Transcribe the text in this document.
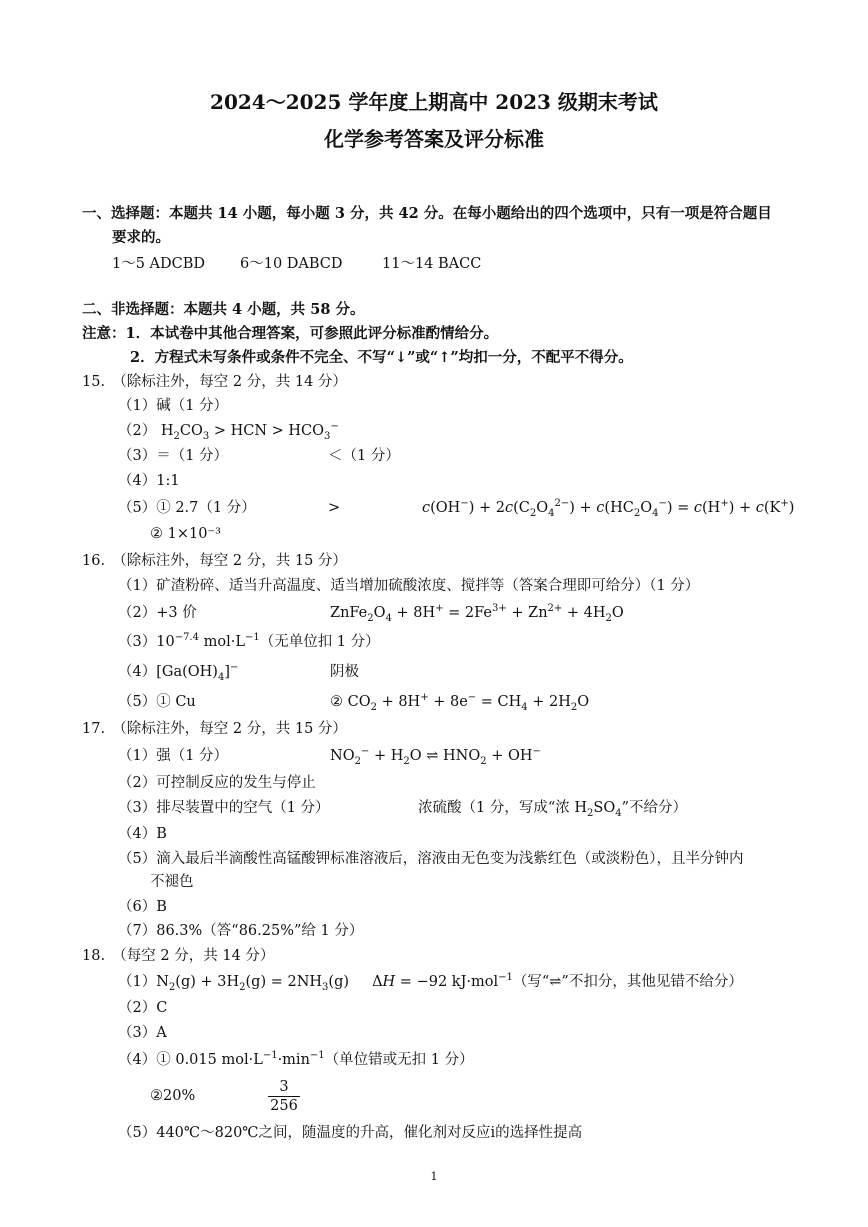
2024～2025 学年度上期高中 2023 级期末考试
化学参考答案及评分标准
一、选择题：本题共 14 小题，每小题 3 分，共 42 分。在每小题给出的四个选项中，只有一项是符合题目
要求的。
1～5 ADCBD 6～10 DABCD	11～14 BACC
二、非选择题：本题共 4 小题，共 58 分。
注意：1．本试卷中其他合理答案，可参照此评分标准酌情给分。
2．方程式未写条件或条件不完全、不写“↓”或“↑”均扣一分，不配平不得分。
15.　（除标注外，每空 2 分，共 14 分）
（1）碱（1 分）
（2） $H_2CO_3$ > HCN > $HCO_3^-$
（3）＝（1 分）	＜（1 分）
（4）1:1
（5）① 2.7（1 分）	>	$c(OH^-) + 2c(C_2O_4^{2-}) + c(HC_2O_4^-) = c(H^+) + c(K^+)$
② 1×10⁻³
16.　（除标注外，每空 2 分，共 15 分）
（1）矿渣粉碎、适当升高温度、适当增加硫酸浓度、搅拌等（答案合理即可给分）（1 分）
（2）+3 价	$ZnFe_2O_4 + 8H^+ = 2Fe^{3+} + Zn^{2+} + 4H_2O$
$(3)10^{-7.4}$ $mol\cdot L^{-1}$（无单位扣 1 分）
$(4)[Ga(OH)_4]^-$	阴极
（5）① Cu	② $CO_2 + 8H^+ + 8e^- = CH_4 + 2H_2O$
17.　（除标注外，每空 2 分，共 15 分）
（1）强（1 分）	$NO_2^- + H_2O$ ⇌ $HNO_2 + OH^-$
（2）可控制反应的发生与停止
（3）排尽装置中的空气（1 分）	浓硫酸（1 分，写成“浓 $H_2SO_4$”不给分）
（4）B
（5）滴入最后半滴酸性高锰酸钾标准溶液后，溶液由无色变为浅紫红色（或淡粉色），且半分钟内
不褪色
（6）B
（7）86.3%（答“86.25%”给 1 分）
18.　（每空 2 分，共 14 分）
$(1)N_2(g) + 3H_2(g) = 2NH_3(g)$     ΔH = −92 kJ·mol$^{-1}$（写“⇌”不扣分，其他见错不给分）
（2）C
（3）A
（4）① 0.015 $mol\cdot L^{-1}\cdot\min^{-1}$（单位错或无扣 1 分）
②20%	$\frac{3}{256}$
（5）440℃～820℃之间，随温度的升高，催化剂对反应ⅰ的选择性提高
1
